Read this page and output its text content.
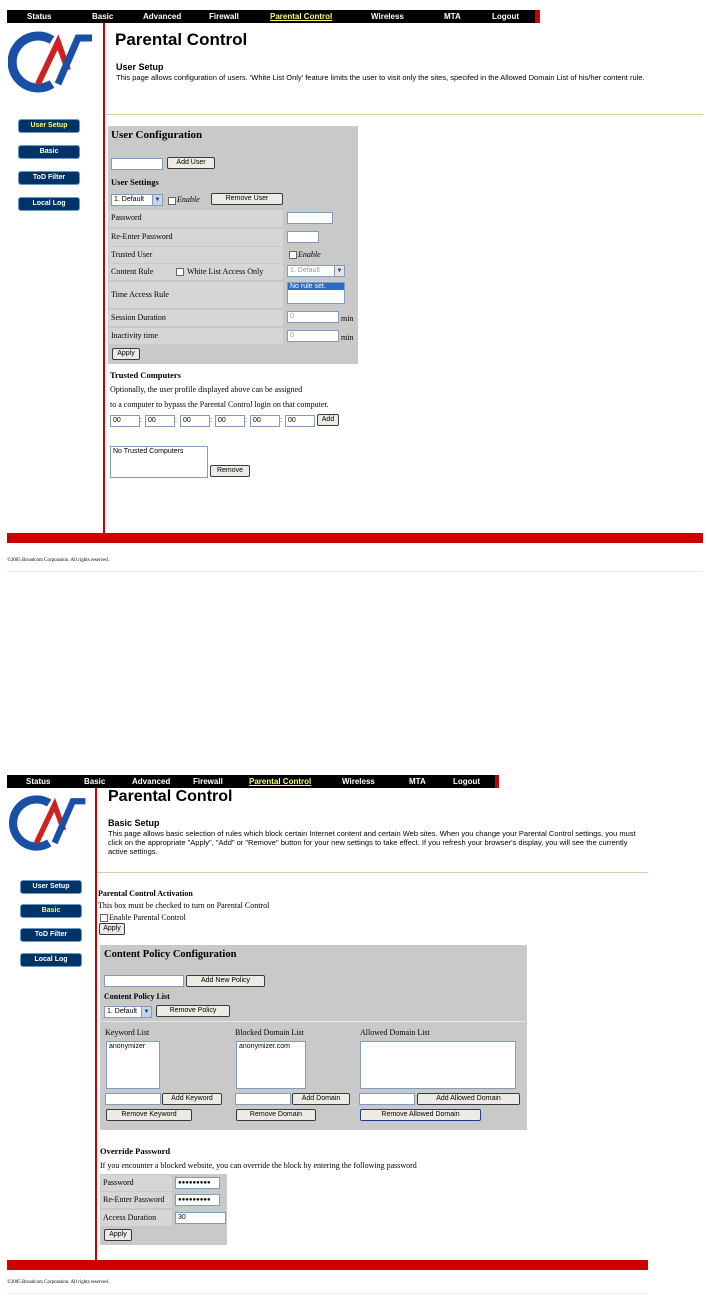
Status	Basic	Advanced	Firewall	Parental Control	Wireless	MTA	Logout
Parental Control
User Setup
This page allows configuration of users. 'White List Only' feature limits the user to visit only the sites, specifed in the Allowed Domain List of his/her content rule.
User Setup
Basic
ToD Filter
Local Log
User Configuration
Add User
User Settings
1. Default	▼ Enable	Remove User
Password
Re-Enter Password
Trusted User	Enable
Content Rule	White List Access Only	1. Default	▼
Time Access Rule
No rule set.
Session Duration	0	min
Inactivity time	0	min
Apply
Trusted Computers
Optionally, the user profile displayed above can be assigned
to a computer to bypass the Parental Control login on that computer.
00	: 00	: 00	: 00	: 00	: 00	Add
No Trusted Computers
Remove
©2005 Broadcom Corporation. All rights reserved.
Status	Basic	Advanced	Firewall	Parental Control	Wireless	MTA	Logout
Parental Control
Basic Setup
This page allows basic selection of rules which block certain Internet content and certain Web sites. When you change your Parental Control settings, you must click on the appropriate "Apply", "Add" or "Remove" button for your new settings to take effect. If you refresh your browser's display, you will see the currently active settings.
User Setup
Basic
ToD Filter
Local Log
Parental Control Activation
This box must be checked to turn on Parental Control
Enable Parental Control
Apply
Content Policy Configuration
Add New Policy
Content Policy List
1. Default	▼	Remove Policy
Keyword List	Blocked Domain List	Allowed Domain List
anonymizer	anonymizer.com
Add Keyword	Add Domain	Add Allowed Domain
Remove Keyword	Remove Domain	Remove Allowed Domain
Override Password
If you encounter a blocked website, you can override the block by entering the following password
Password	●●●●●●●●●
Re-Enter Password	●●●●●●●●●
Access Duration	30
Apply
©2005 Broadcom Corporation. All rights reserved.
